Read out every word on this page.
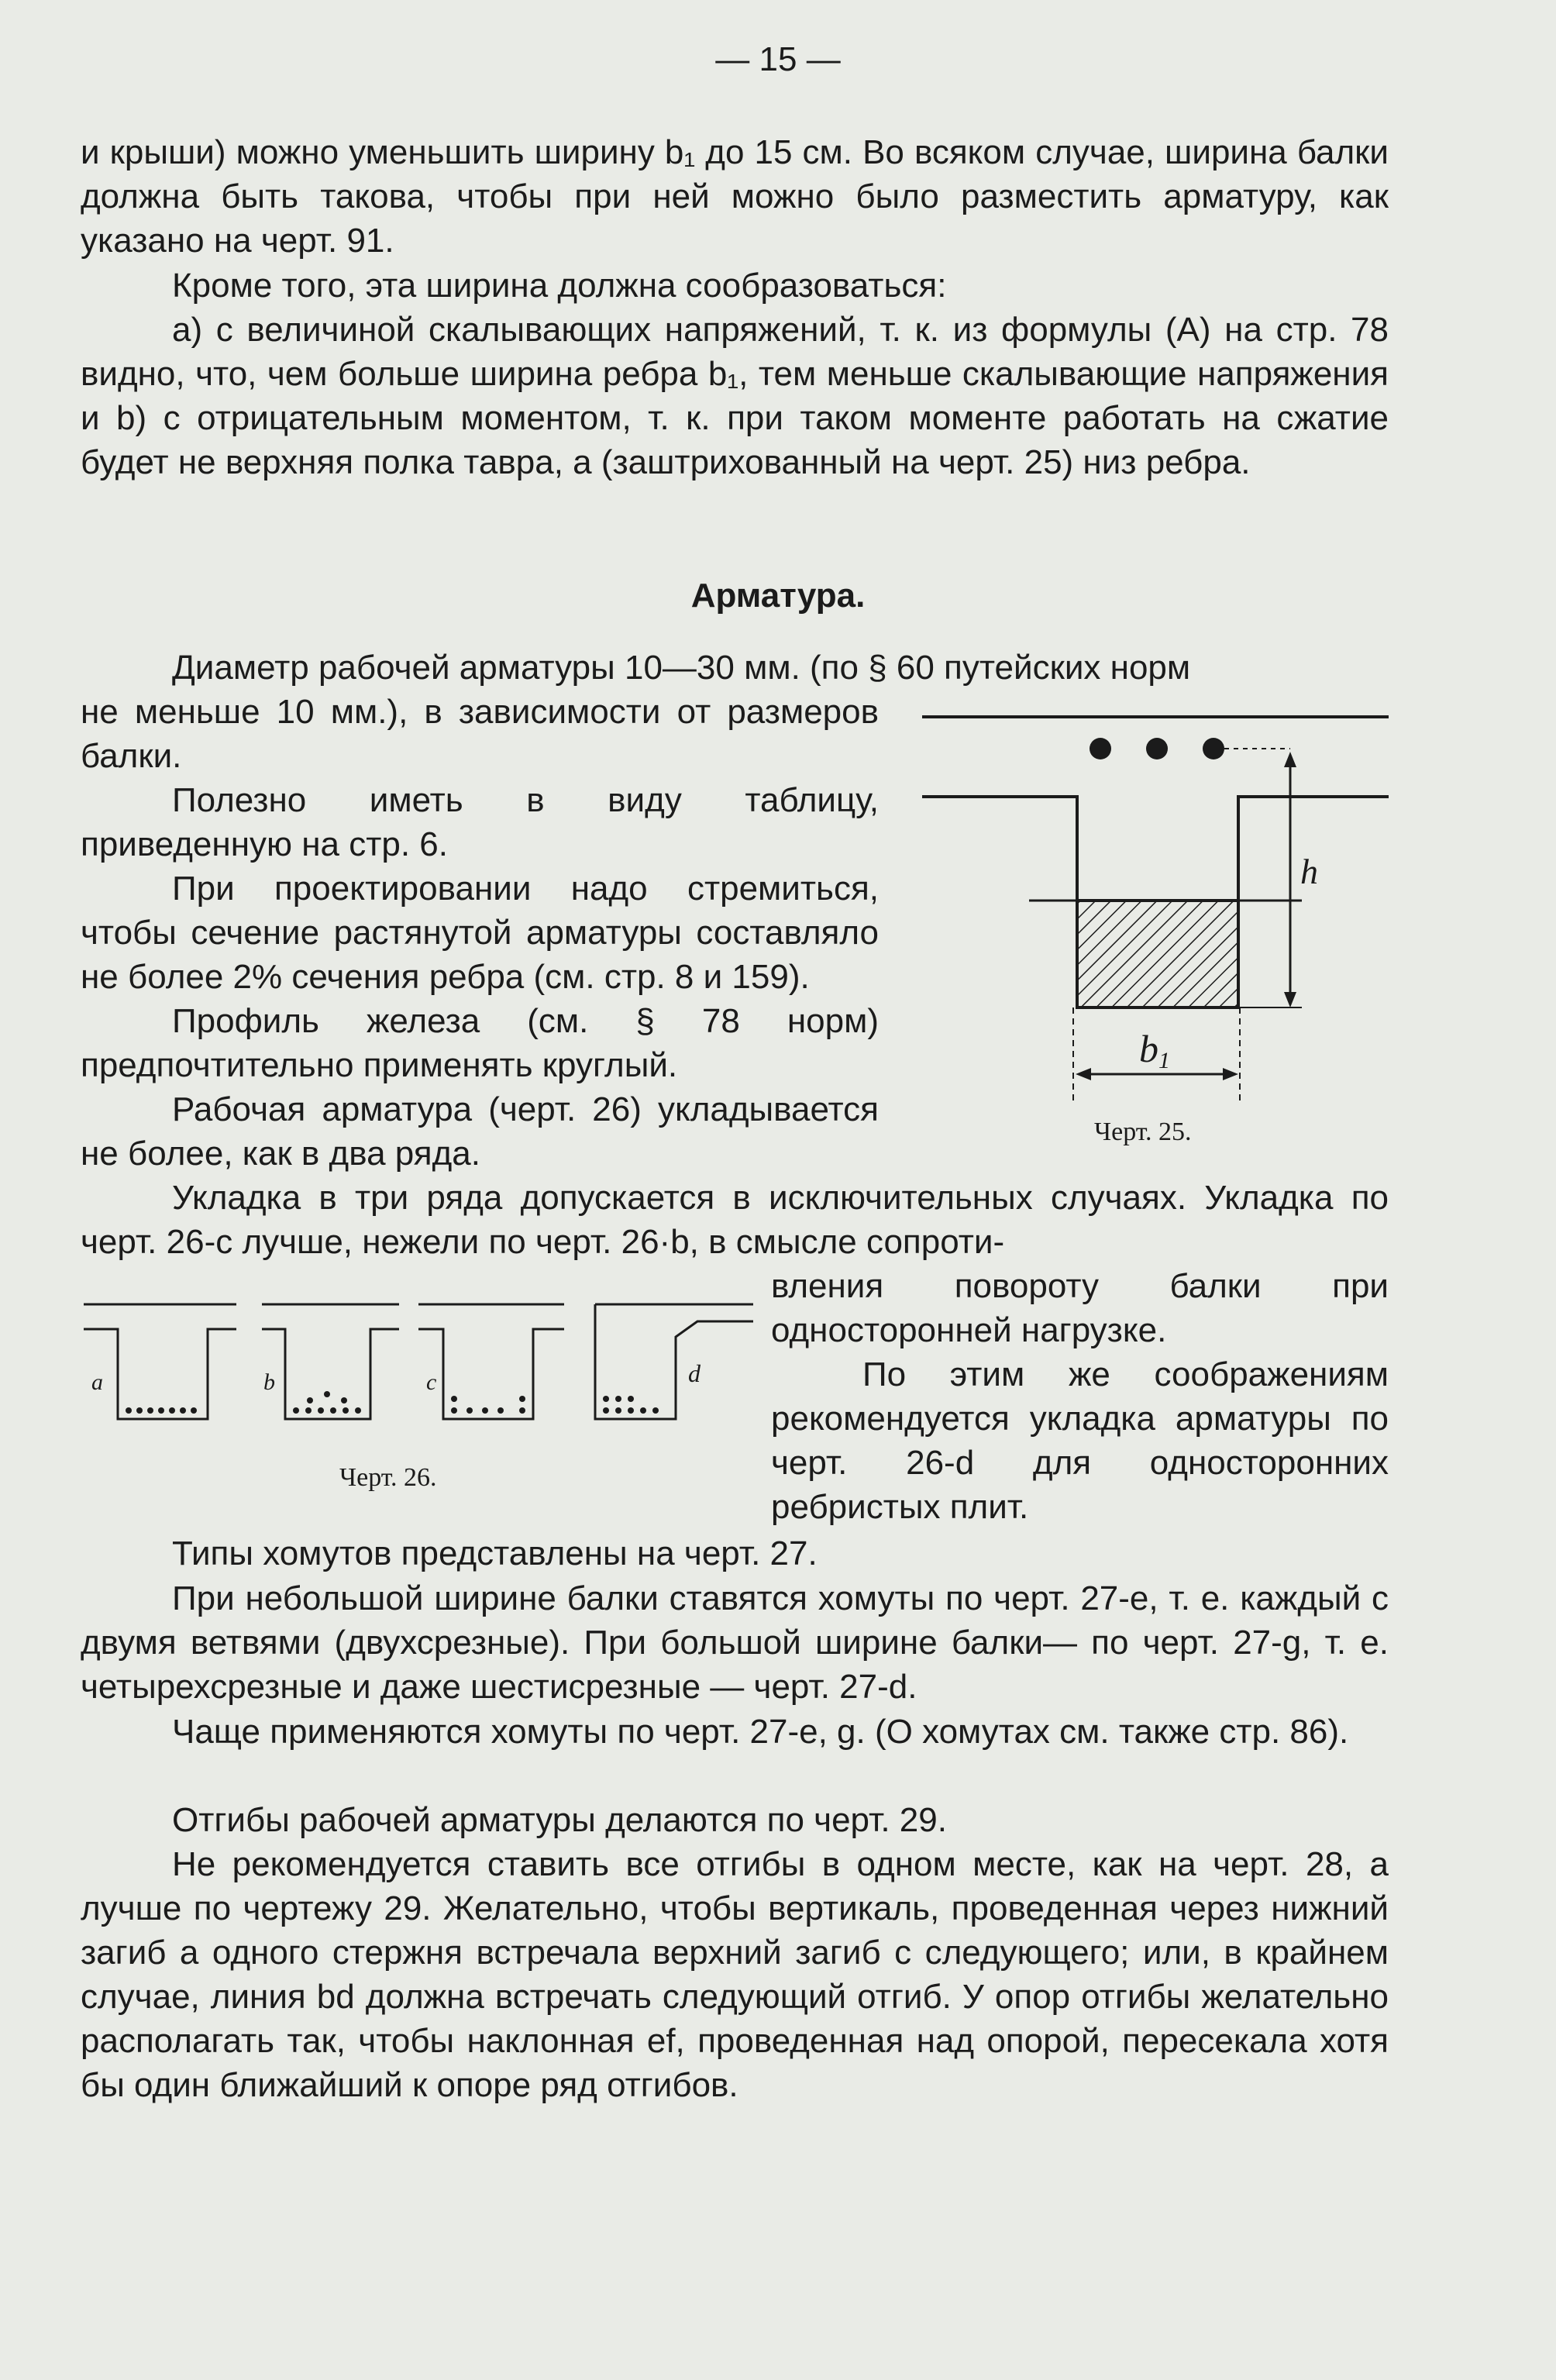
— 15 —

и крыши) можно уменьшить ширину b₁ до 15 см. Во всяком случае, ширина балки должна быть такова, чтобы при ней можно было разместить арматуру, как указано на черт. 91.

Кроме того, эта ширина должна сообразоваться:

a) с величиной скалывающих напряжений, т. к. из формулы (A) на стр. 78 видно, что, чем больше ширина ребра b₁, тем меньше скалывающие напряжения и b) с отрицательным моментом, т. к. при таком моменте работать на сжатие будет не верхняя полка тавра, а (заштрихованный на черт. 25) низ ребра.

Арматура.

Диаметр рабочей арматуры 10—30 мм. (по § 60 путейских норм

не меньше 10 мм.), в зависимости от размеров балки.

Полезно иметь в виду таблицу, приведенную на стр. 6.

При проектировании надо стремиться, чтобы сечение растянутой арматуры составляло не более 2% сечения ребра (см. стр. 8 и 159).

Профиль железа (см. § 78 норм) предпочтительно применять круглый.

Рабочая арматура (черт. 26) укладывается не более, как в два ряда.

h
b1
Черт. 25.

Укладка в три ряда допускается в исключительных случаях. Укладка по черт. 26-c лучше, нежели по черт. 26·b, в смысле сопроти-

a	b	c	d
Черт. 26.

вления повороту балки при односторонней нагрузке.

По этим же соображениям рекомендуется укладка арматуры по черт. 26-d для односторонних ребристых плит.

Типы хомутов представлены на черт. 27.

При небольшой ширине балки ставятся хомуты по черт. 27-e, т. е. каждый с двумя ветвями (двухсрезные). При большой ширине балки— по черт. 27-g, т. е. четырехсрезные и даже шестисрезные — черт. 27-d.

Чаще применяются хомуты по черт. 27-e, g. (О хомутах см. также стр. 86).

Отгибы рабочей арматуры делаются по черт. 29.

Не рекомендуется ставить все отгибы в одном месте, как на черт. 28, а лучше по чертежу 29. Желательно, чтобы вертикаль, проведенная через нижний загиб a одного стержня встречала верхний загиб c следующего; или, в крайнем случае, линия bd должна встречать следующий отгиб. У опор отгибы желательно располагать так, чтобы наклонная ef, проведенная над опорой, пересекала хотя бы один ближайший к опоре ряд отгибов.
